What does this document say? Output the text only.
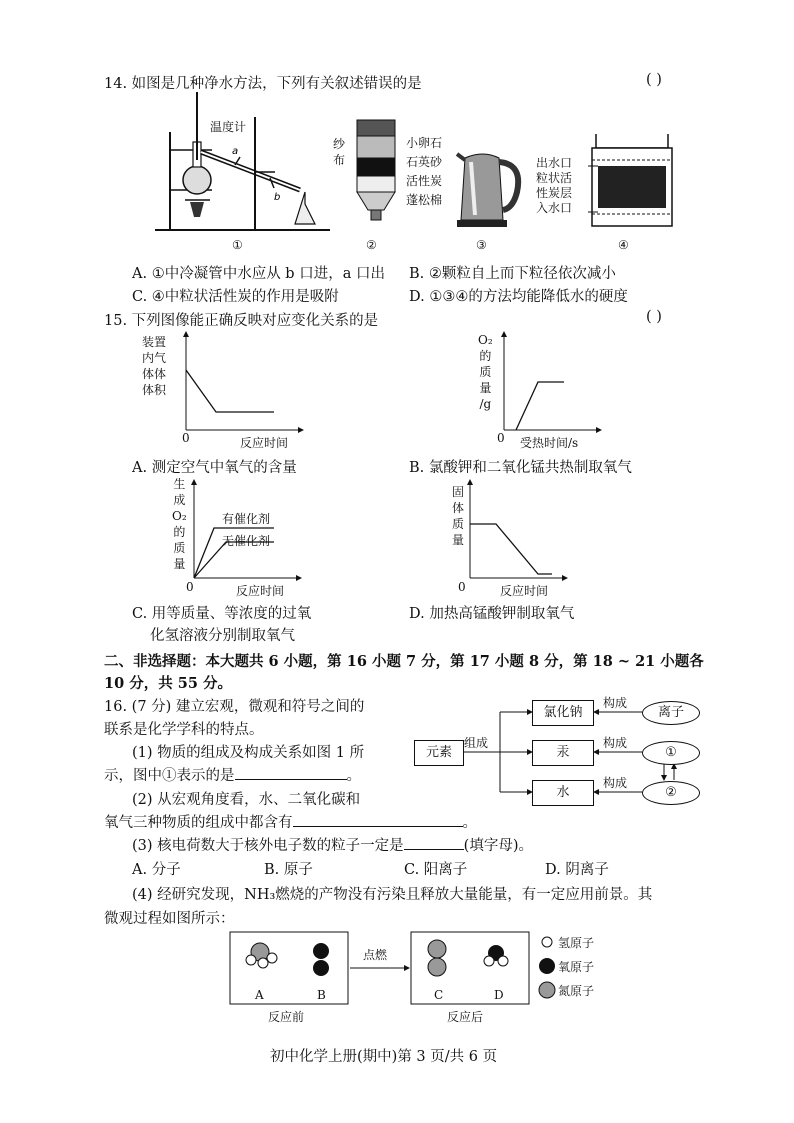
14. 如图是几种净水方法，下列有关叙述错误的是	( )
a
b
温度计
①
纱
布
小卵石
石英砂
活性炭
蓬松棉
②	③
出水口
粒状活
性炭层
入水口
④
A. ①中冷凝管中水应从 b 口进，a 口出 B. ②颗粒自上而下粒径依次减小
C. ④中粒状活性炭的作用是吸附	D. ①③④的方法均能降低水的硬度
15. 下列图像能正确反映对应变化关系的是	( )
装置
内气
体体
体积
0	反应时间
A. 测定空气中氧气的含量
O₂
的
质
量
/g
0 受热时间/s
B. 氯酸钾和二氧化锰共热制取氧气
生
成
O₂
的
质
量
有催化剂
无催化剂
0	反应时间
C. 用等质量、等浓度的过氧
化氢溶液分别制取氧气
固
体
质
量
0	反应时间
D. 加热高锰酸钾制取氧气
二、非选择题：本大题共 6 小题，第 16 小题 7 分，第 17 小题 8 分，第 18 ~ 21 小题各
10 分，共 55 分。
16. (7 分) 建立宏观，微观和符号之间的
联系是化学学科的特点。
(1) 物质的组成及构成关系如图 1 所
示，图中①表示的是	。
(2) 从宏观角度看，水、二氧化碳和
氧气三种物质的组成中都含有	。
(3) 核电荷数大于核外电子数的粒子一定是	(填字母)。
A. 分子	B. 原子	C. 阳离子	D. 阴离子
(4) 经研究发现，NH₃燃烧的产物没有污染且释放大量能量，有一定应用前景。其
微观过程如图所示：
元素
组成
氯化钠
汞
水
构成
构成
构成
离子
①
②
点燃
A	B	C	D
反应前	反应后
氢原子
氧原子
氮原子
初中化学上册(期中)第 3 页/共 6 页
